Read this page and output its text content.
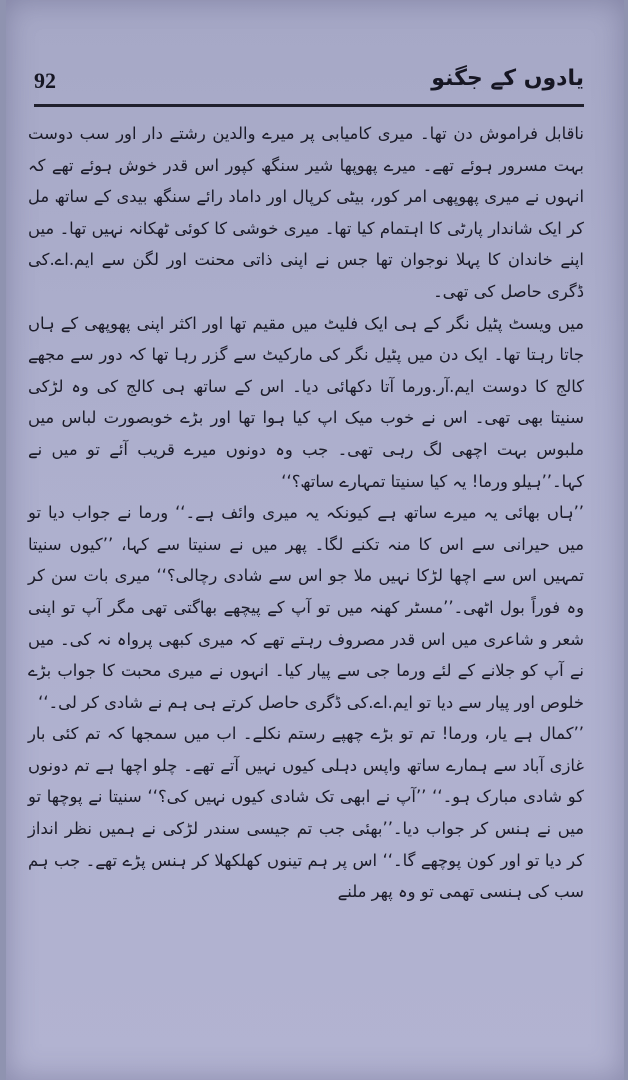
92	یادوں کے جگنو

ناقابل فراموش دن تھا۔ میری کامیابی پر میرے والدین رشتے دار اور سب دوست بہت مسرور ہوئے تھے۔ میرے پھوپھا شیر سنگھ کپور اس قدر خوش ہوئے تھے کہ انہوں نے میری پھوپھی امر کور، بیٹی کرپال اور داماد رائے سنگھ بیدی کے ساتھ مل کر ایک شاندار پارٹی کا اہتمام کیا تھا۔ میری خوشی کا کوئی ٹھکانہ نہیں تھا۔ میں اپنے خاندان کا پہلا نوجوان تھا جس نے اپنی ذاتی محنت اور لگن سے ایم.اے.کی ڈگری حاصل کی تھی۔

میں ویسٹ پٹیل نگر کے ہی ایک فلیٹ میں مقیم تھا اور اکثر اپنی پھوپھی کے ہاں جاتا رہتا تھا۔ ایک دن میں پٹیل نگر کی مارکیٹ سے گزر رہا تھا کہ دور سے مجھے کالج کا دوست ایم.آر.ورما آتا دکھائی دیا۔ اس کے ساتھ ہی کالج کی وہ لڑکی سنیتا بھی تھی۔ اس نے خوب میک اپ کیا ہوا تھا اور بڑے خوبصورت لباس میں ملبوس بہت اچھی لگ رہی تھی۔ جب وہ دونوں میرے قریب آئے تو میں نے کہا۔’’ہیلو ورما! یہ کیا سنیتا تمہارے ساتھ؟‘‘

’’ہاں بھائی یہ میرے ساتھ ہے کیونکہ یہ میری وائف ہے۔‘‘ ورما نے جواب دیا تو میں حیرانی سے اس کا منہ تکنے لگا۔ پھر میں نے سنیتا سے کہا، ’’کیوں سنیتا تمہیں اس سے اچھا لڑکا نہیں ملا جو اس سے شادی رچالی؟‘‘ میری بات سن کر وہ فوراً بول اٹھی۔’’مسٹر کھنہ میں تو آپ کے پیچھے بھاگتی تھی مگر آپ تو اپنی شعر و شاعری میں اس قدر مصروف رہتے تھے کہ میری کبھی پرواہ نہ کی۔ میں نے آپ کو جلانے کے لئے ورما جی سے پیار کیا۔ انہوں نے میری محبت کا جواب بڑے خلوص اور پیار سے دیا تو ایم.اے.کی ڈگری حاصل کرتے ہی ہم نے شادی کر لی۔‘‘

’’کمال ہے یار، ورما! تم تو بڑے چھپے رستم نکلے۔ اب میں سمجھا کہ تم کئی بار غازی آباد سے ہمارے ساتھ واپس دہلی کیوں نہیں آتے تھے۔ چلو اچھا ہے تم دونوں کو شادی مبارک ہو۔‘‘ ’’آپ نے ابھی تک شادی کیوں نہیں کی؟‘‘ سنیتا نے پوچھا تو میں نے ہنس کر جواب دیا۔’’بھئی جب تم جیسی سندر لڑکی نے ہمیں نظر انداز کر دیا تو اور کون پوچھے گا۔‘‘ اس پر ہم تینوں کھلکھلا کر ہنس پڑے تھے۔ جب ہم سب کی ہنسی تھمی تو وہ پھر ملنے
